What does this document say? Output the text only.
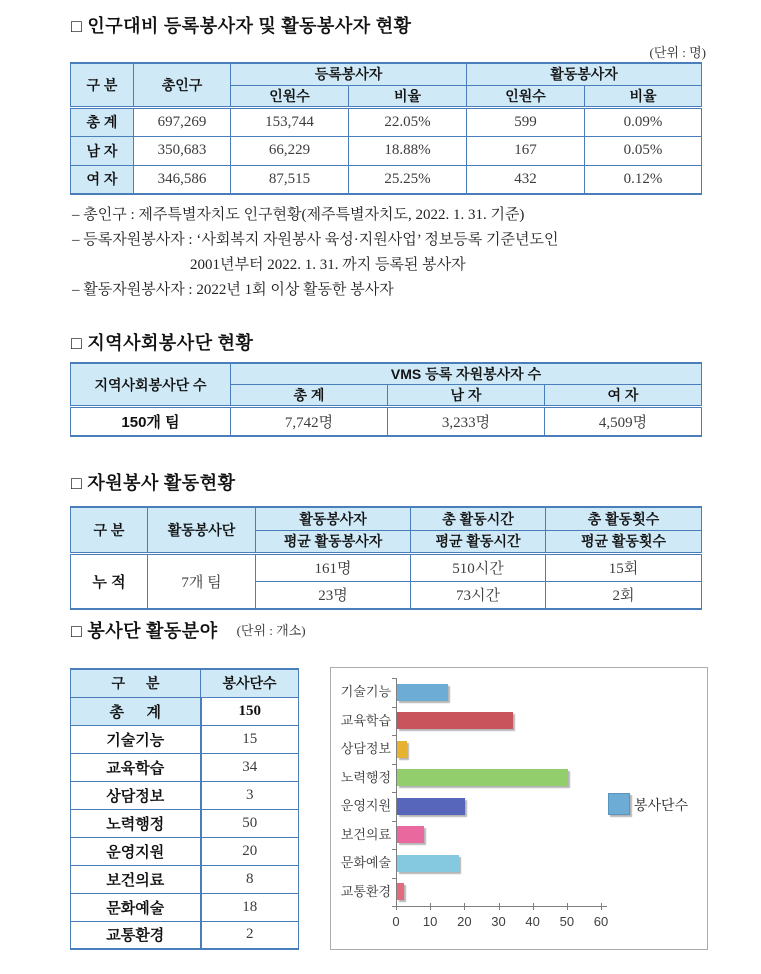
□ 인구대비 등록봉사자 및 활동봉사자 현황
(단위 : 명)
구 분	총인구	등록봉사자		활동봉사자	
		인원수	비율	인원수	비율
총 계	697,269	153,744	22.05%	599	0.09%
남 자	350,683	66,229	18.88%	167	0.05%
여 자	346,586	87,515	25.25%	432	0.12%
– 총인구 : 제주특별자치도 인구현황(제주특별자치도, 2022. 1. 31. 기준)
– 등록자원봉사자 : ‘사회복지 자원봉사 육성·지원사업’ 정보등록 기준년도인
2001년부터 2022. 1. 31. 까지 등록된 봉사자
– 활동자원봉사자 : 2022년 1회 이상 활동한 봉사자
□ 지역사회봉사단 현황
지역사회봉사단 수	VMS 등록 자원봉사자 수		
	총 계	남 자	여 자
150개 팀	7,742명	3,233명	4,509명
□ 자원봉사 활동현황
구 분	활동봉사단	활동봉사자	총 활동시간	총 활동횟수
		평균 활동봉사자	평균 활동시간	평균 활동횟수
누 적	7개 팀	161명	510시간	15회
		23명	73시간	2회
□ 봉사단 활동분야 (단위 : 개소)
구  분	봉사단수
총  계	150
기술기능	15
교육학습	34
상담정보	3
노력행정	50
운영지원	20
보건의료	8
문화예술	18
교통환경	2
봉사단수
기술기능
교육학습
상담정보
노력행정
운영지원
보건의료
문화예술
교통환경
0	10	20	30	40	50	60
